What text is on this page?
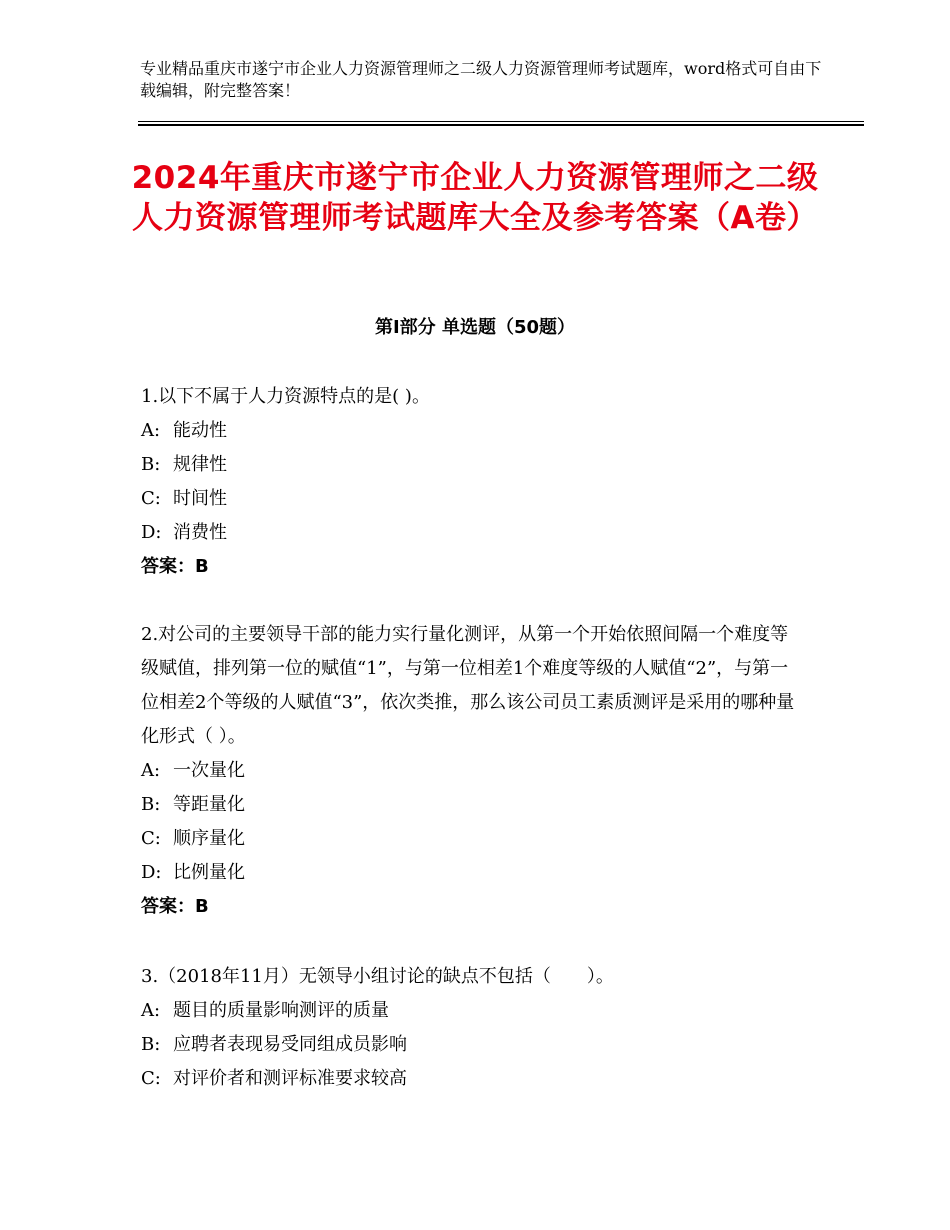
专业精品重庆市遂宁市企业人力资源管理师之二级人力资源管理师考试题库，word格式可自由下载编辑，附完整答案！
2024年重庆市遂宁市企业人力资源管理师之二级人力资源管理师考试题库大全及参考答案（A卷）
第Ⅰ部分 单选题（50题）

1.以下不属于人力资源特点的是( )。

A: 能动性

B: 规律性

C: 时间性

D: 消费性

答案：B

2.对公司的主要领导干部的能力实行量化测评，从第一个开始依照间隔一个难度等级赋值，排列第一位的赋值“1”，与第一位相差1个难度等级的人赋值“2”，与第一位相差2个等级的人赋值“3”，依次类推，那么该公司员工素质测评是采用的哪种量化形式（ ）。

A: 一次量化

B: 等距量化

C: 顺序量化

D: 比例量化

答案：B

3.（2018年11月）无领导小组讨论的缺点不包括（　　）。

A: 题目的质量影响测评的质量

B: 应聘者表现易受同组成员影响

C: 对评价者和测评标准要求较高
